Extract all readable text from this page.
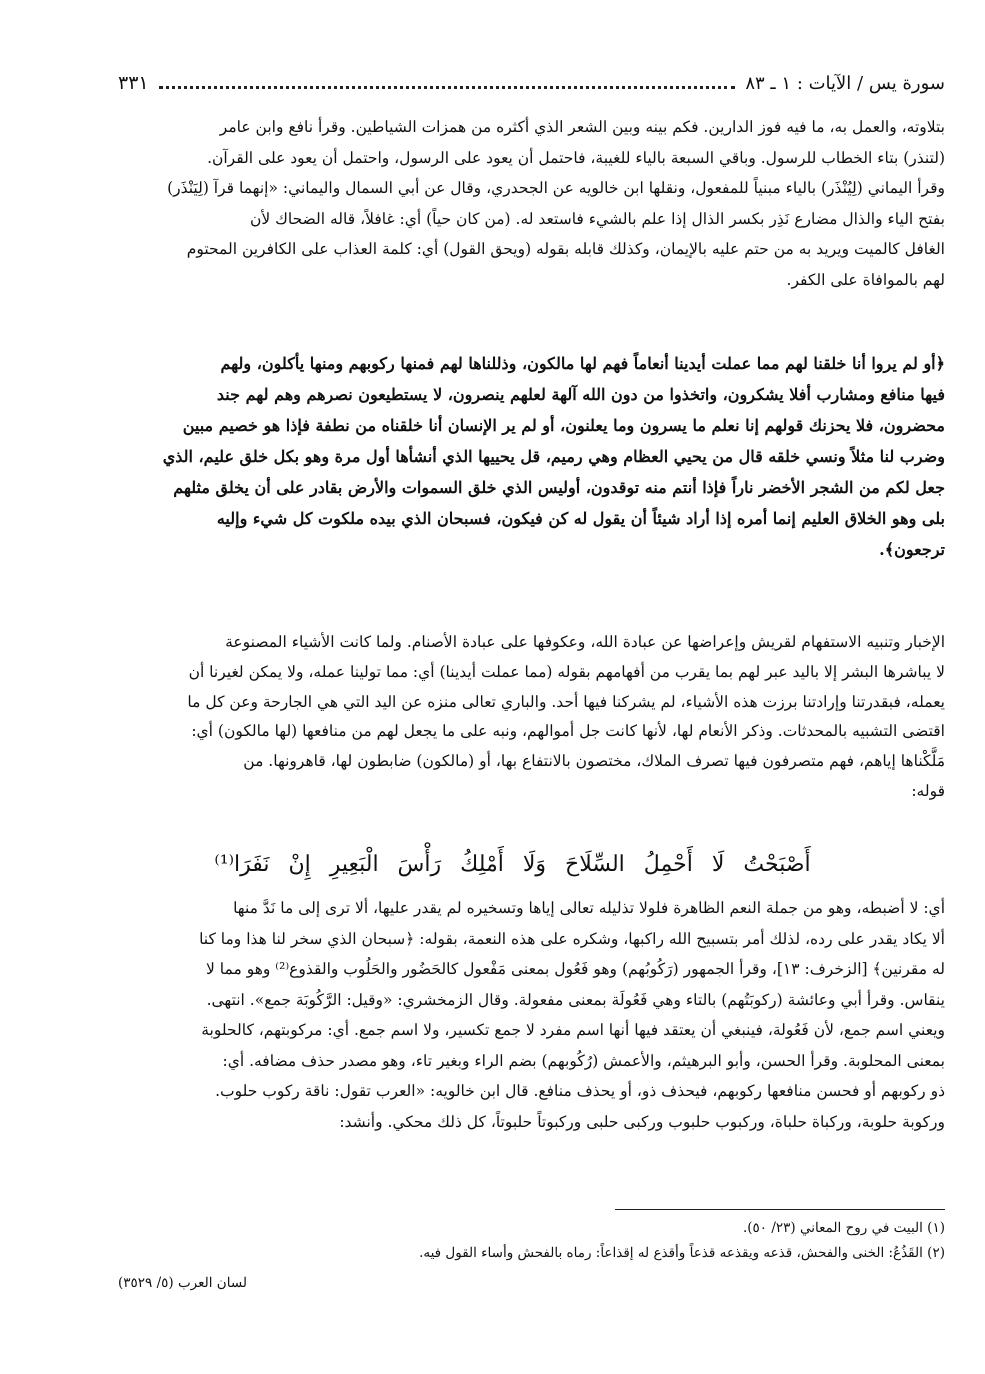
سورة يس / الآيات : ١ ـ ٨٣
٣٣١
بتلاوته، والعمل به، ما فيه فوز الدارين. فكم بينه وبين الشعر الذي أكثره من همزات الشياطين. وقرأ نافع وابن عامر
(لتنذر) بتاء الخطاب للرسول. وباقي السبعة بالياء للغيبة، فاحتمل أن يعود على الرسول، واحتمل أن يعود على القرآن.
وقرأ اليماني (لِيُنْذَر) بالياء مبنياً للمفعول، ونقلها ابن خالويه عن الجحدري، وقال عن أبي السمال واليماني: «إنهما قرآ (لِيَنْذَر)
بفتح الياء والذال مضارع نَذِر بكسر الذال إذا علم بالشيء فاستعد له. (من كان حياً) أي: غافلاً، قاله الضحاك لأن
الغافل كالميت ويريد به من حتم عليه بالإيمان، وكذلك قابله بقوله (ويحق القول) أي: كلمة العذاب على الكافرين المحتوم
لهم بالموافاة على الكفر.
﴿أو لم يروا أنا خلقنا لهم مما عملت أيدينا أنعاماً فهم لها مالكون، وذللناها لهم فمنها ركوبهم ومنها يأكلون، ولهم
فيها منافع ومشارب أفلا يشكرون، واتخذوا من دون الله آلهة لعلهم ينصرون، لا يستطيعون نصرهم وهم لهم جند
محضرون، فلا يحزنك قولهم إنا نعلم ما يسرون وما يعلنون، أو لم ير الإنسان أنا خلقناه من نطفة فإذا هو خصيم مبين
وضرب لنا مثلاً ونسي خلقه قال من يحيي العظام وهي رميم، قل يحييها الذي أنشأها أول مرة وهو بكل خلق عليم، الذي
جعل لكم من الشجر الأخضر ناراً فإذا أنتم منه توقدون، أوليس الذي خلق السموات والأرض بقادر على أن يخلق مثلهم
بلى وهو الخلاق العليم إنما أمره إذا أراد شيئاً أن يقول له كن فيكون، فسبحان الذي بيده ملكوت كل شيء وإليه
ترجعون﴾.
الإخبار وتنبيه الاستفهام لقريش وإعراضها عن عبادة الله، وعكوفها على عبادة الأصنام. ولما كانت الأشياء المصنوعة
لا يباشرها البشر إلا باليد عبر لهم بما يقرب من أفهامهم بقوله (مما عملت أيدينا) أي: مما تولينا عمله، ولا يمكن لغيرنا أن
يعمله، فبقدرتنا وإرادتنا برزت هذه الأشياء، لم يشركنا فيها أحد. والباري تعالى منزه عن اليد التي هي الجارحة وعن كل ما
اقتضى التشبيه بالمحدثات. وذكر الأنعام لها، لأنها كانت جل أموالهم، ونبه على ما يجعل لهم من منافعها (لها مالكون) أي:
مَلَّكْناها إياهم، فهم متصرفون فيها تصرف الملاك، مختصون بالانتفاع بها، أو (مالكون) ضابطون لها، قاهرونها. من
قوله:
أَصْبَحْتُ لَا أَحْمِلُ السِّلَاحَ وَلَا أَمْلِكُ رَأْسَ الْبَعِيرِ إِنْ نَفَرَا⁽¹⁾
أي: لا أضبطه، وهو من جملة النعم الظاهرة فلولا تذليله تعالى إياها وتسخيره لم يقدر عليها، ألا ترى إلى ما نَدَّ منها
ألا يكاد يقدر على رده، لذلك أمر بتسبيح الله راكبها، وشكره على هذه النعمة، بقوله: ﴿سبحان الذي سخر لنا هذا وما كنا
له مقرنين﴾ [الزخرف: ١٣]، وقرأ الجمهور (رَكُوبُهم) وهو فَعُول بمعنى مَفْعول كالحَضُور والحَلُوب والقذوع⁽²⁾ وهو مما لا
ينقاس. وقرأ أبي وعائشة (ركوبَتُهم) بالتاء وهي فَعُولَة بمعنى مفعولة. وقال الزمخشري: «وقيل: الرَّكُوبَة جمع». انتهى.
ويعني اسم جمع، لأن فَعُولة، فينبغي أن يعتقد فيها أنها اسم مفرد لا جمع تكسير، ولا اسم جمع. أي: مركوبتهم، كالحلوبة
بمعنى المحلوبة. وقرأ الحسن، وأبو البرهيثم، والأعمش (رُكُوبهم) بضم الراء وبغير تاء، وهو مصدر حذف مضافه. أي:
ذو ركوبهم أو فحسن منافعها ركوبهم، فيحذف ذو، أو يحذف منافع. قال ابن خالويه: «العرب تقول: ناقة ركوب حلوب.
وركوبة حلوبة، وركباة حلباة، وركبوب حلبوب وركبى حلبى وركبوتاً حلبوتاً، كل ذلك محكي. وأنشد:
(١) البيت في روح المعاني (٢٣/ ٥٠).
(٢) القَذُعُ: الخنى والفحش، قذعه ويقذعه قذعاً وأقذع له إقذاعاً: رماه بالفحش وأساء القول فيه.
لسان العرب (٥/ ٣٥٢٩)
